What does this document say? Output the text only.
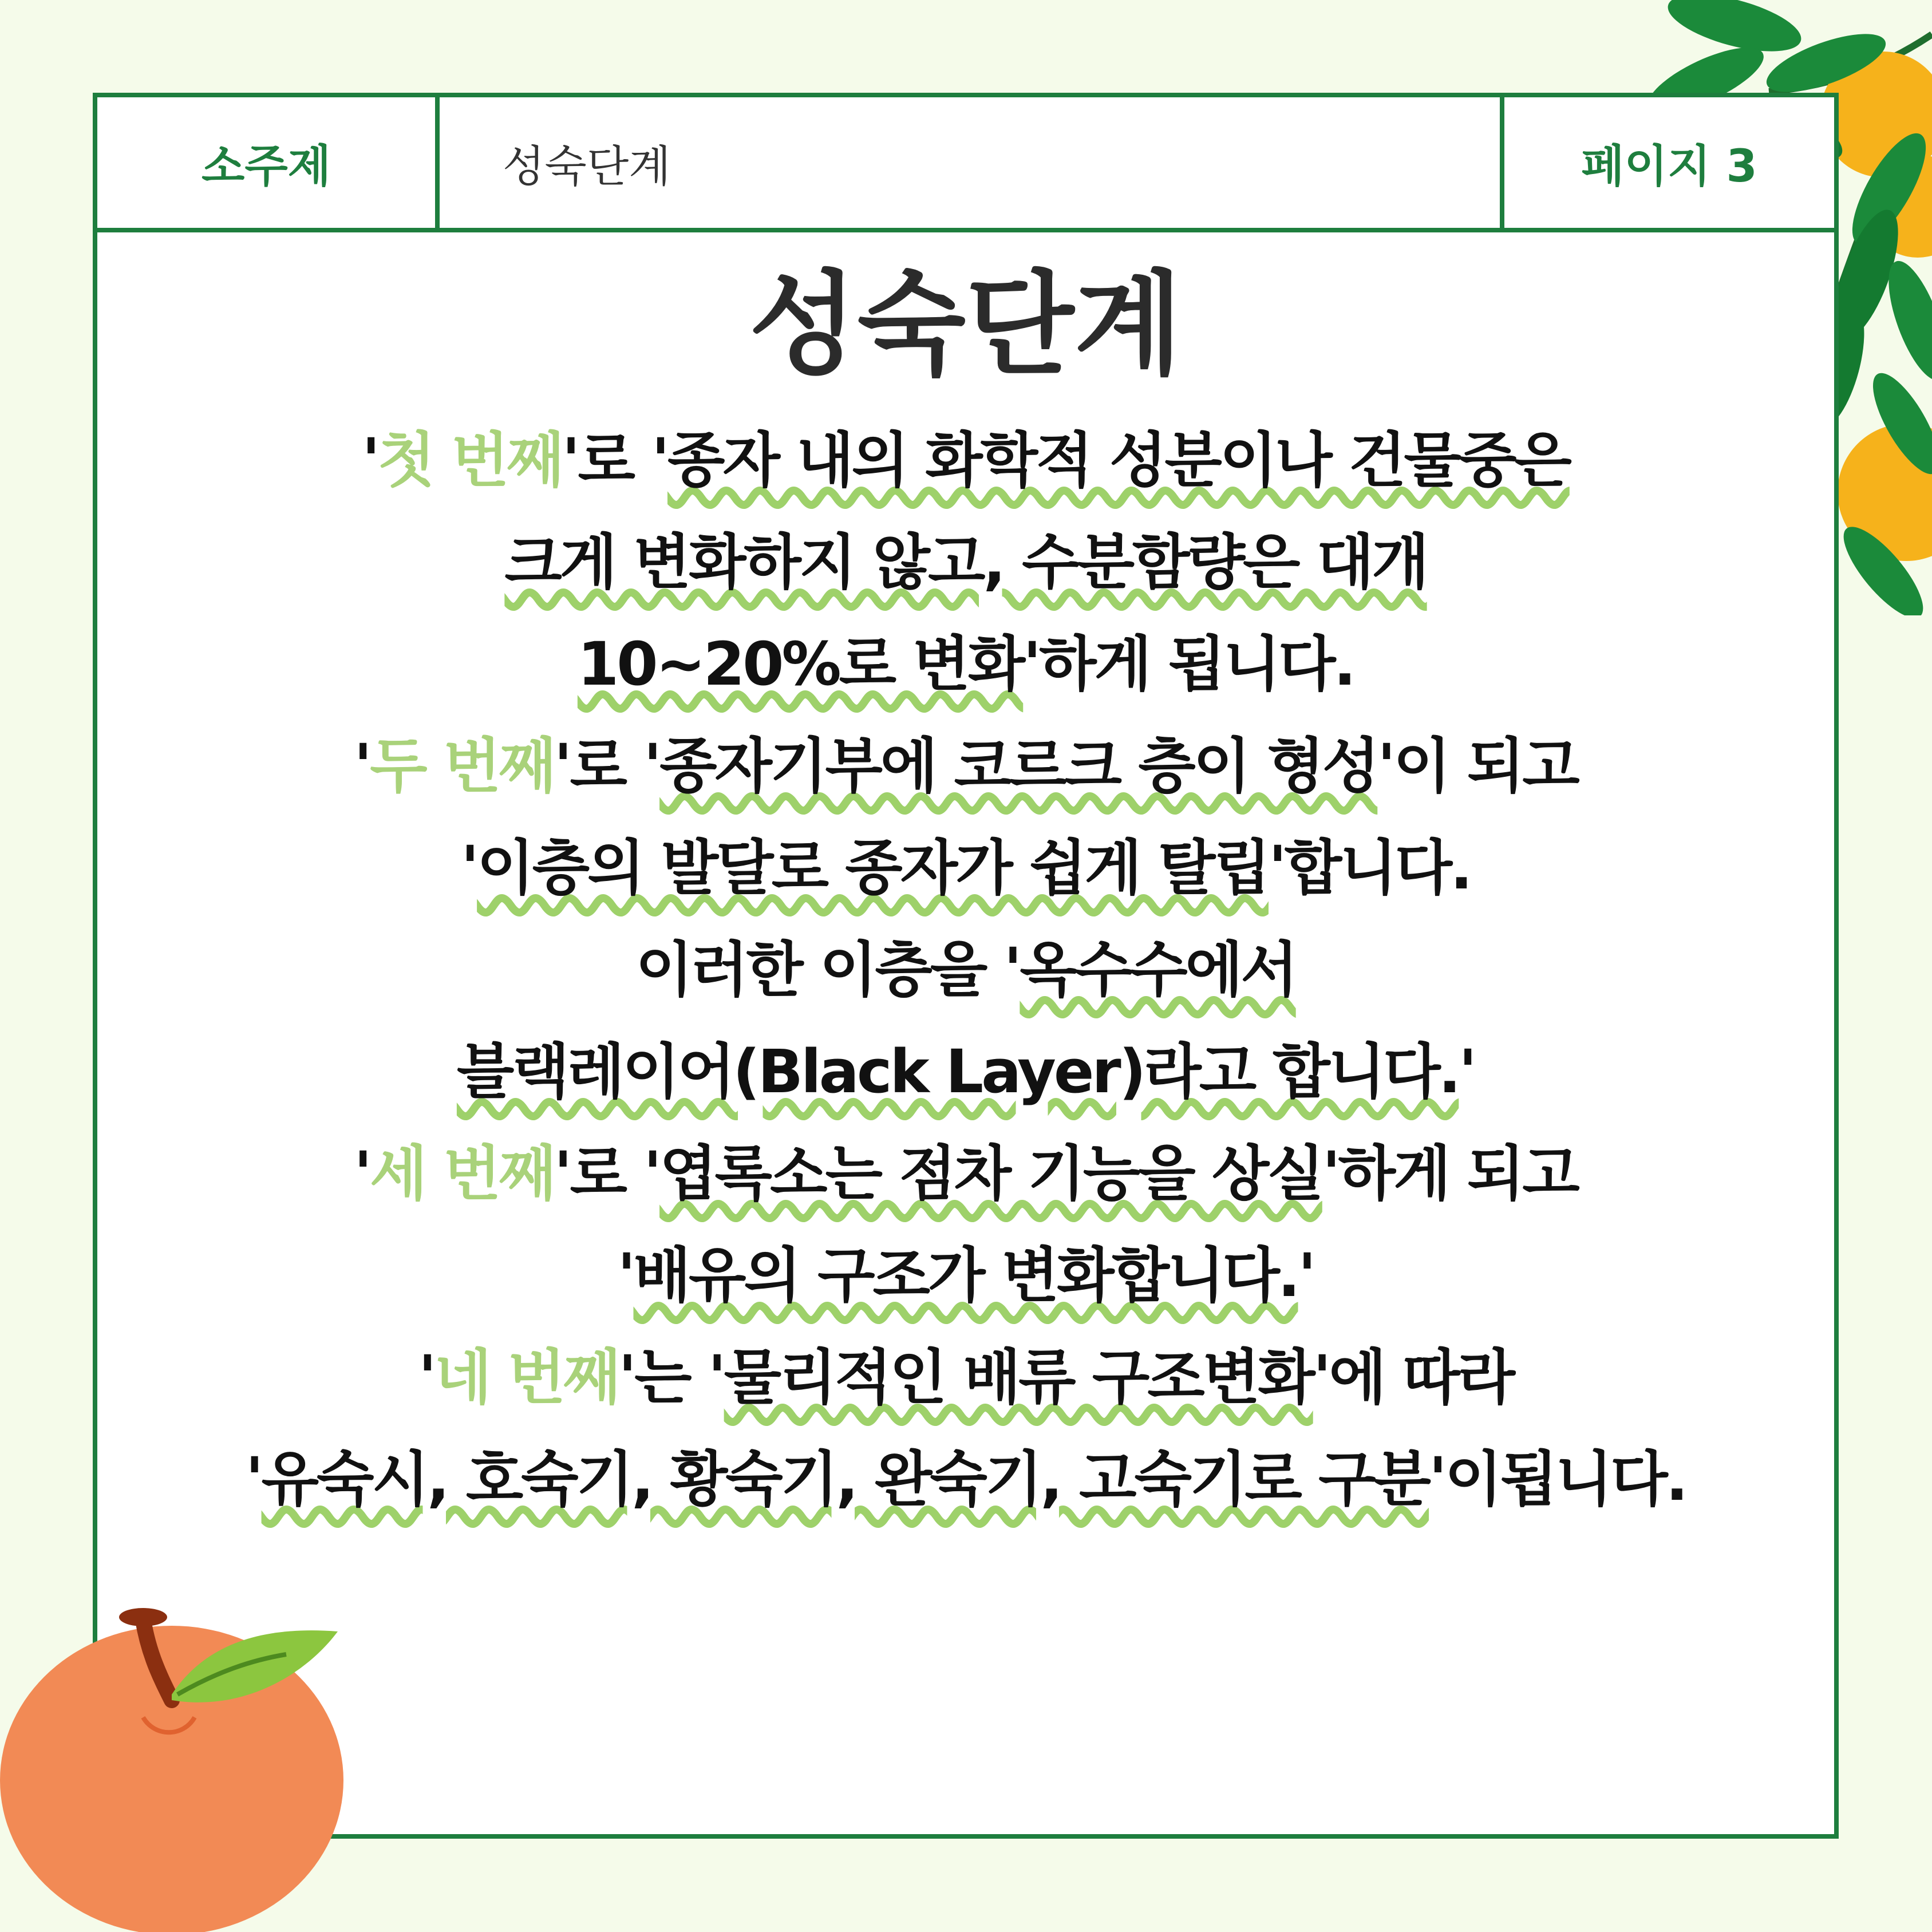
소주제	성숙단계	페이지 3
성숙단계
'첫 번째'로 '종자 내의 화학적 성분이나 건물중은
크게 변화하지 않고, 수분함량은 대개
10~20%로 변화'하게 됩니다.
'두 번째'로 '종자기부에 코르크 층이 형성'이 되고
'이층의 발달로 종자가 쉽게 탈립'합니다.
이러한 이층을 '옥수수에서
블랙레이어(Black Layer)라고 합니다.'
'세 번째'로 '엽록소는 점차 기능을 상실'하게 되고
'배유의 구조가 변화합니다.'
'네 번째'는 '물리적인 배류 구조변화'에 따라
'유숙시, 호숙기, 황숙기, 완숙기, 고숙기로 구분'이됩니다.
